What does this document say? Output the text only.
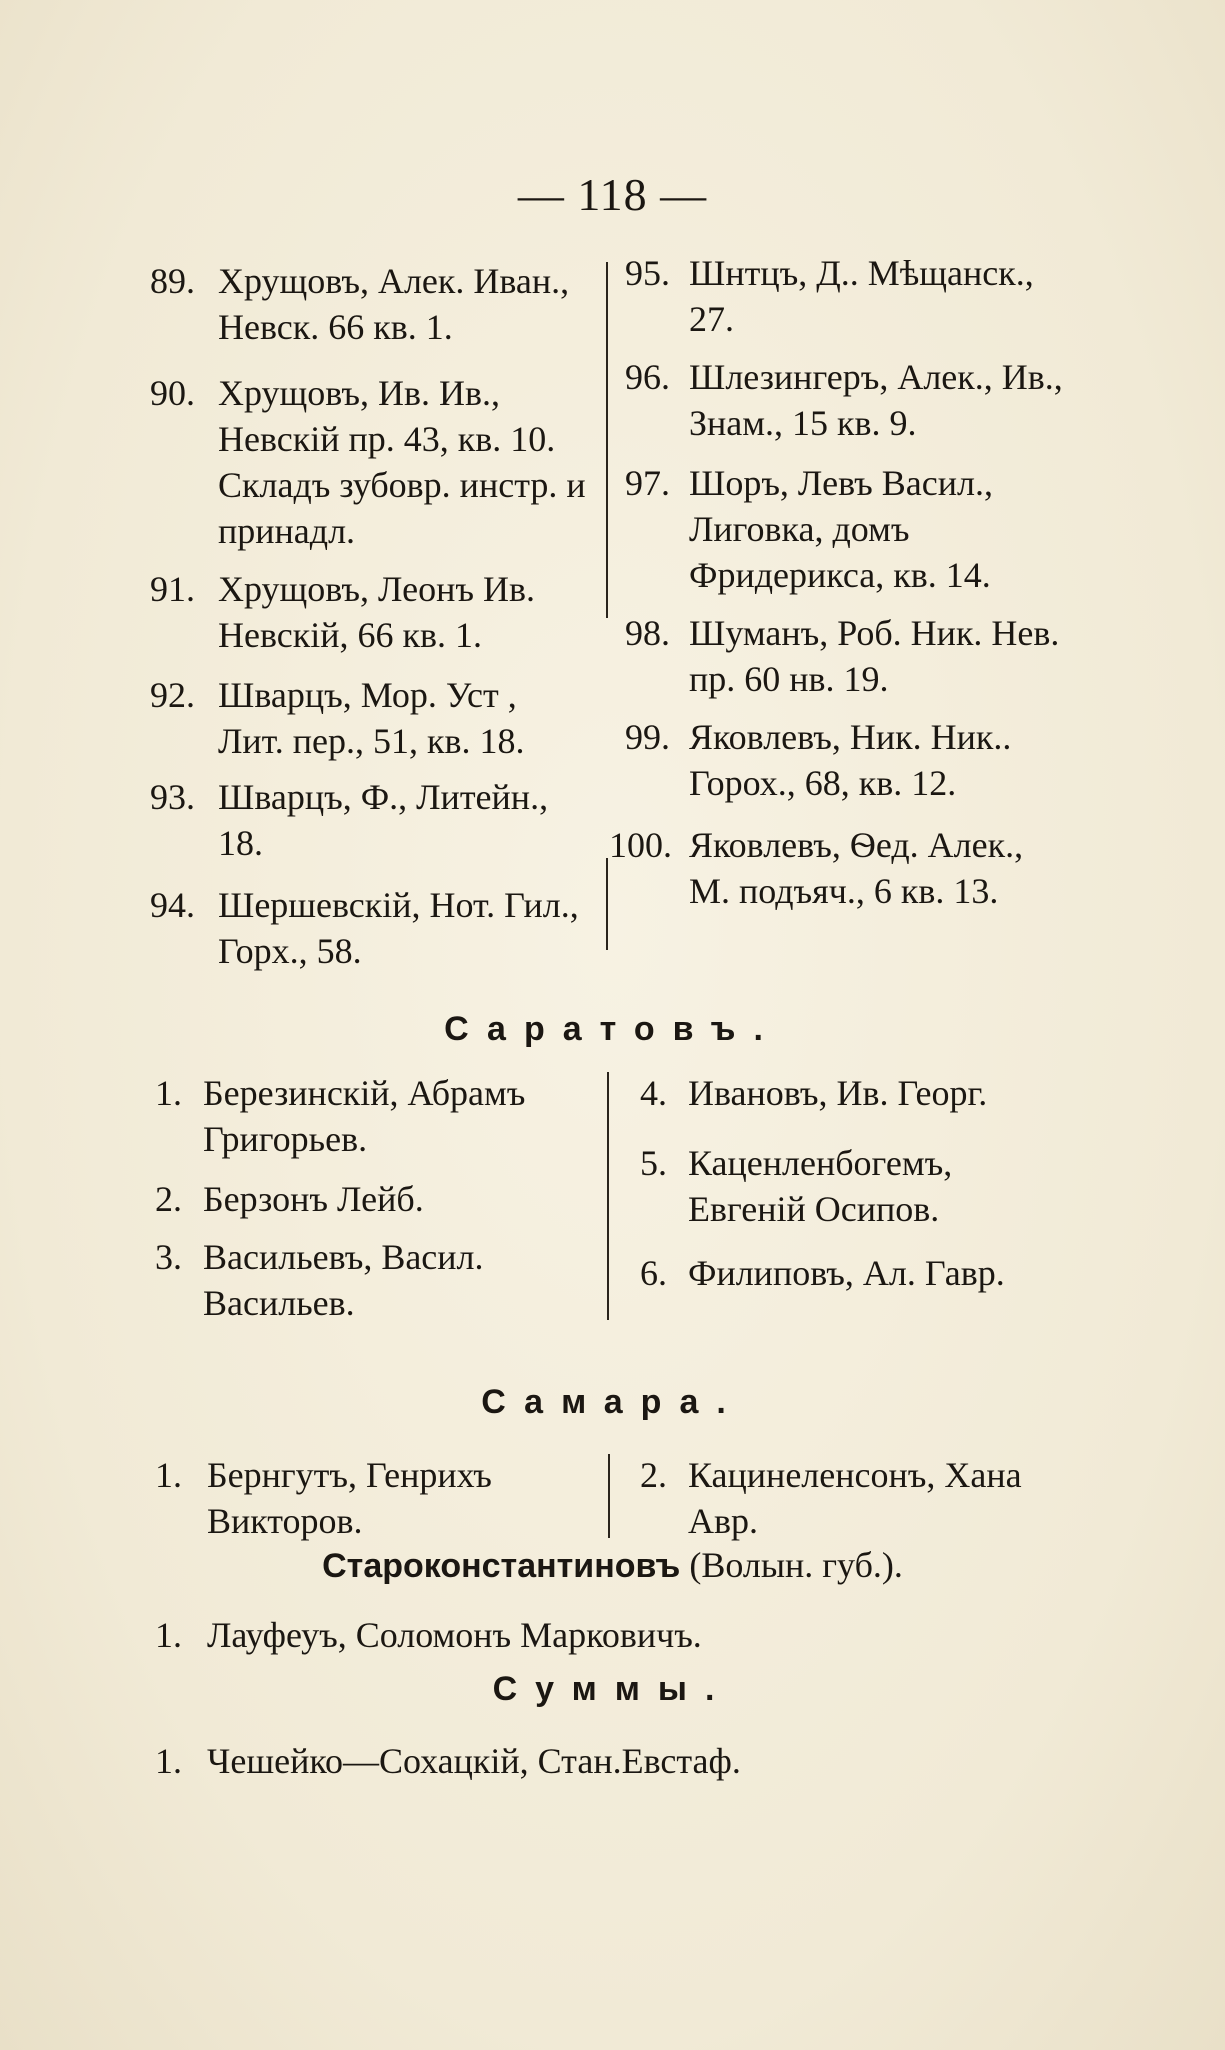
— 118 —
89. Хрущовъ, Алек. Иван., Невск. 66 кв. 1.
90. Хрущовъ, Ив. Ив., Невскій пр. 43, кв. 10. Складъ зубовр. инстр. и принадл.
91. Хрущовъ, Леонъ Ив. Невскій, 66 кв. 1.
92. Шварцъ, Мор. Уст , Лит. пер., 51, кв. 18.
93. Шварцъ, Ф., Литейн., 18.
94. Шершевскій, Нот. Гил., Горх., 58.
95. Шнтцъ, Д.. Мѣщанск., 27.
96. Шлезингеръ, Алек., Ив., Знам., 15 кв. 9.
97. Шоръ, Левъ Васил., Лиговка, домъ Фридерикса, кв. 14.
98. Шуманъ, Роб. Ник. Нев. пр. 60 нв. 19.
99. Яковлевъ, Ник. Ник.. Горох., 68, кв. 12.
100. Яковлевъ, Ѳед. Алек., М. подъяч., 6 кв. 13.
Саратовъ.
1. Березинскій, Абрамъ Григорьев.
2. Берзонъ Лейб.
3. Васильевъ, Васил. Васильев.
4. Ивановъ, Ив. Георг.
5. Каценленбогемъ, Евгеній Осипов.
6. Филиповъ, Ал. Гавр.
Самара.
1. Бернгутъ, Генрихъ Викторов.
2. Кацинеленсонъ, Хана Авр.
Староконстантиновъ (Волын. губ.).
1. Лауфеуъ, Соломонъ Марковичъ.
Суммы.
1. Чешейко—Сохацкій, Стан.Евстаф.
